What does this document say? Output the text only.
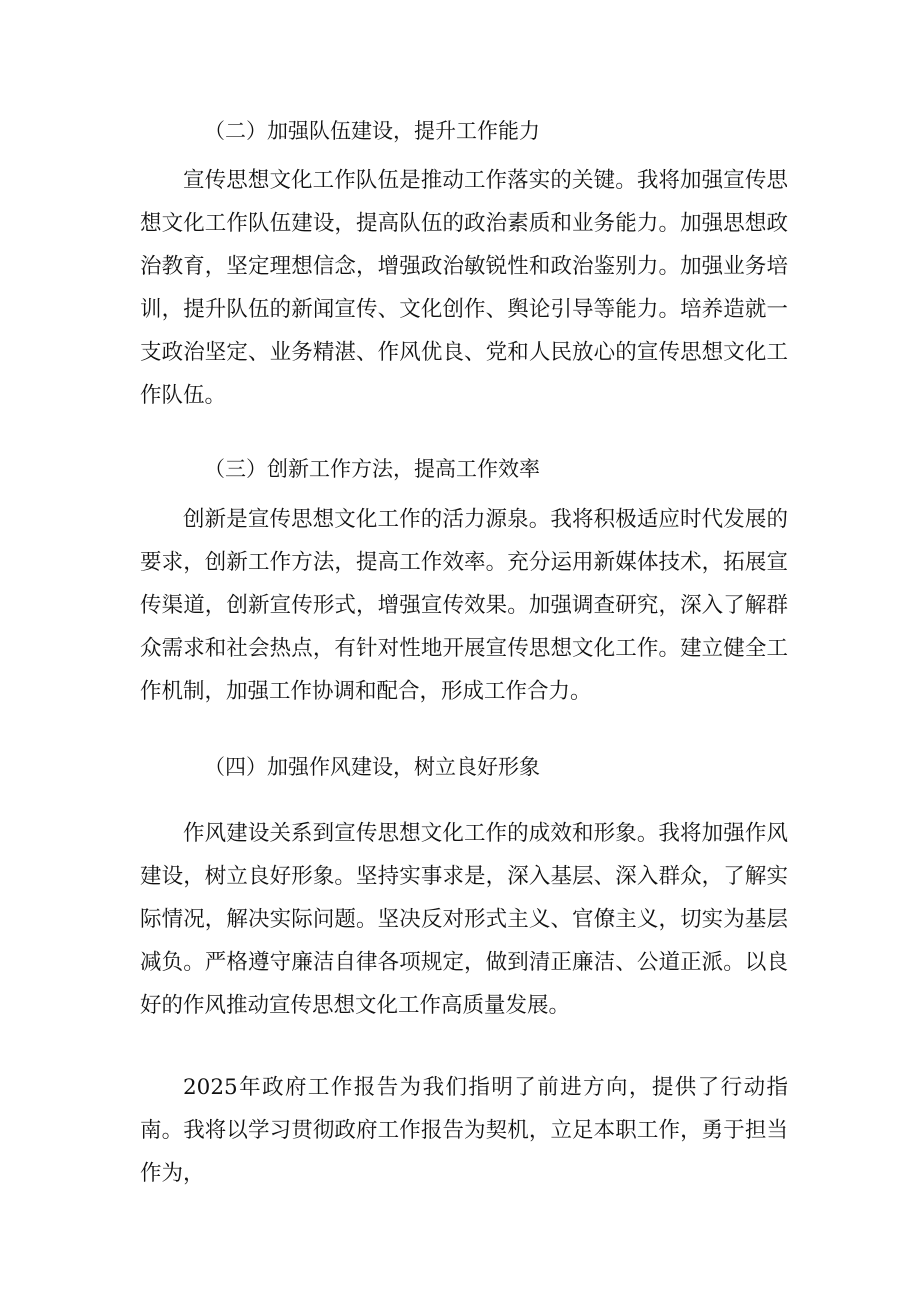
（二）加强队伍建设，提升工作能力

宣传思想文化工作队伍是推动工作落实的关键。我将加强宣传思想文化工作队伍建设，提高队伍的政治素质和业务能力。加强思想政治教育，坚定理想信念，增强政治敏锐性和政治鉴别力。加强业务培训，提升队伍的新闻宣传、文化创作、舆论引导等能力。培养造就一支政治坚定、业务精湛、作风优良、党和人民放心的宣传思想文化工作队伍。

（三）创新工作方法，提高工作效率

创新是宣传思想文化工作的活力源泉。我将积极适应时代发展的要求，创新工作方法，提高工作效率。充分运用新媒体技术，拓展宣传渠道，创新宣传形式，增强宣传效果。加强调查研究，深入了解群众需求和社会热点，有针对性地开展宣传思想文化工作。建立健全工作机制，加强工作协调和配合，形成工作合力。

（四）加强作风建设，树立良好形象

作风建设关系到宣传思想文化工作的成效和形象。我将加强作风建设，树立良好形象。坚持实事求是，深入基层、深入群众，了解实际情况，解决实际问题。坚决反对形式主义、官僚主义，切实为基层减负。严格遵守廉洁自律各项规定，做到清正廉洁、公道正派。以良好的作风推动宣传思想文化工作高质量发展。

2025年政府工作报告为我们指明了前进方向，提供了行动指南。我将以学习贯彻政府工作报告为契机，立足本职工作，勇于担当作为，
